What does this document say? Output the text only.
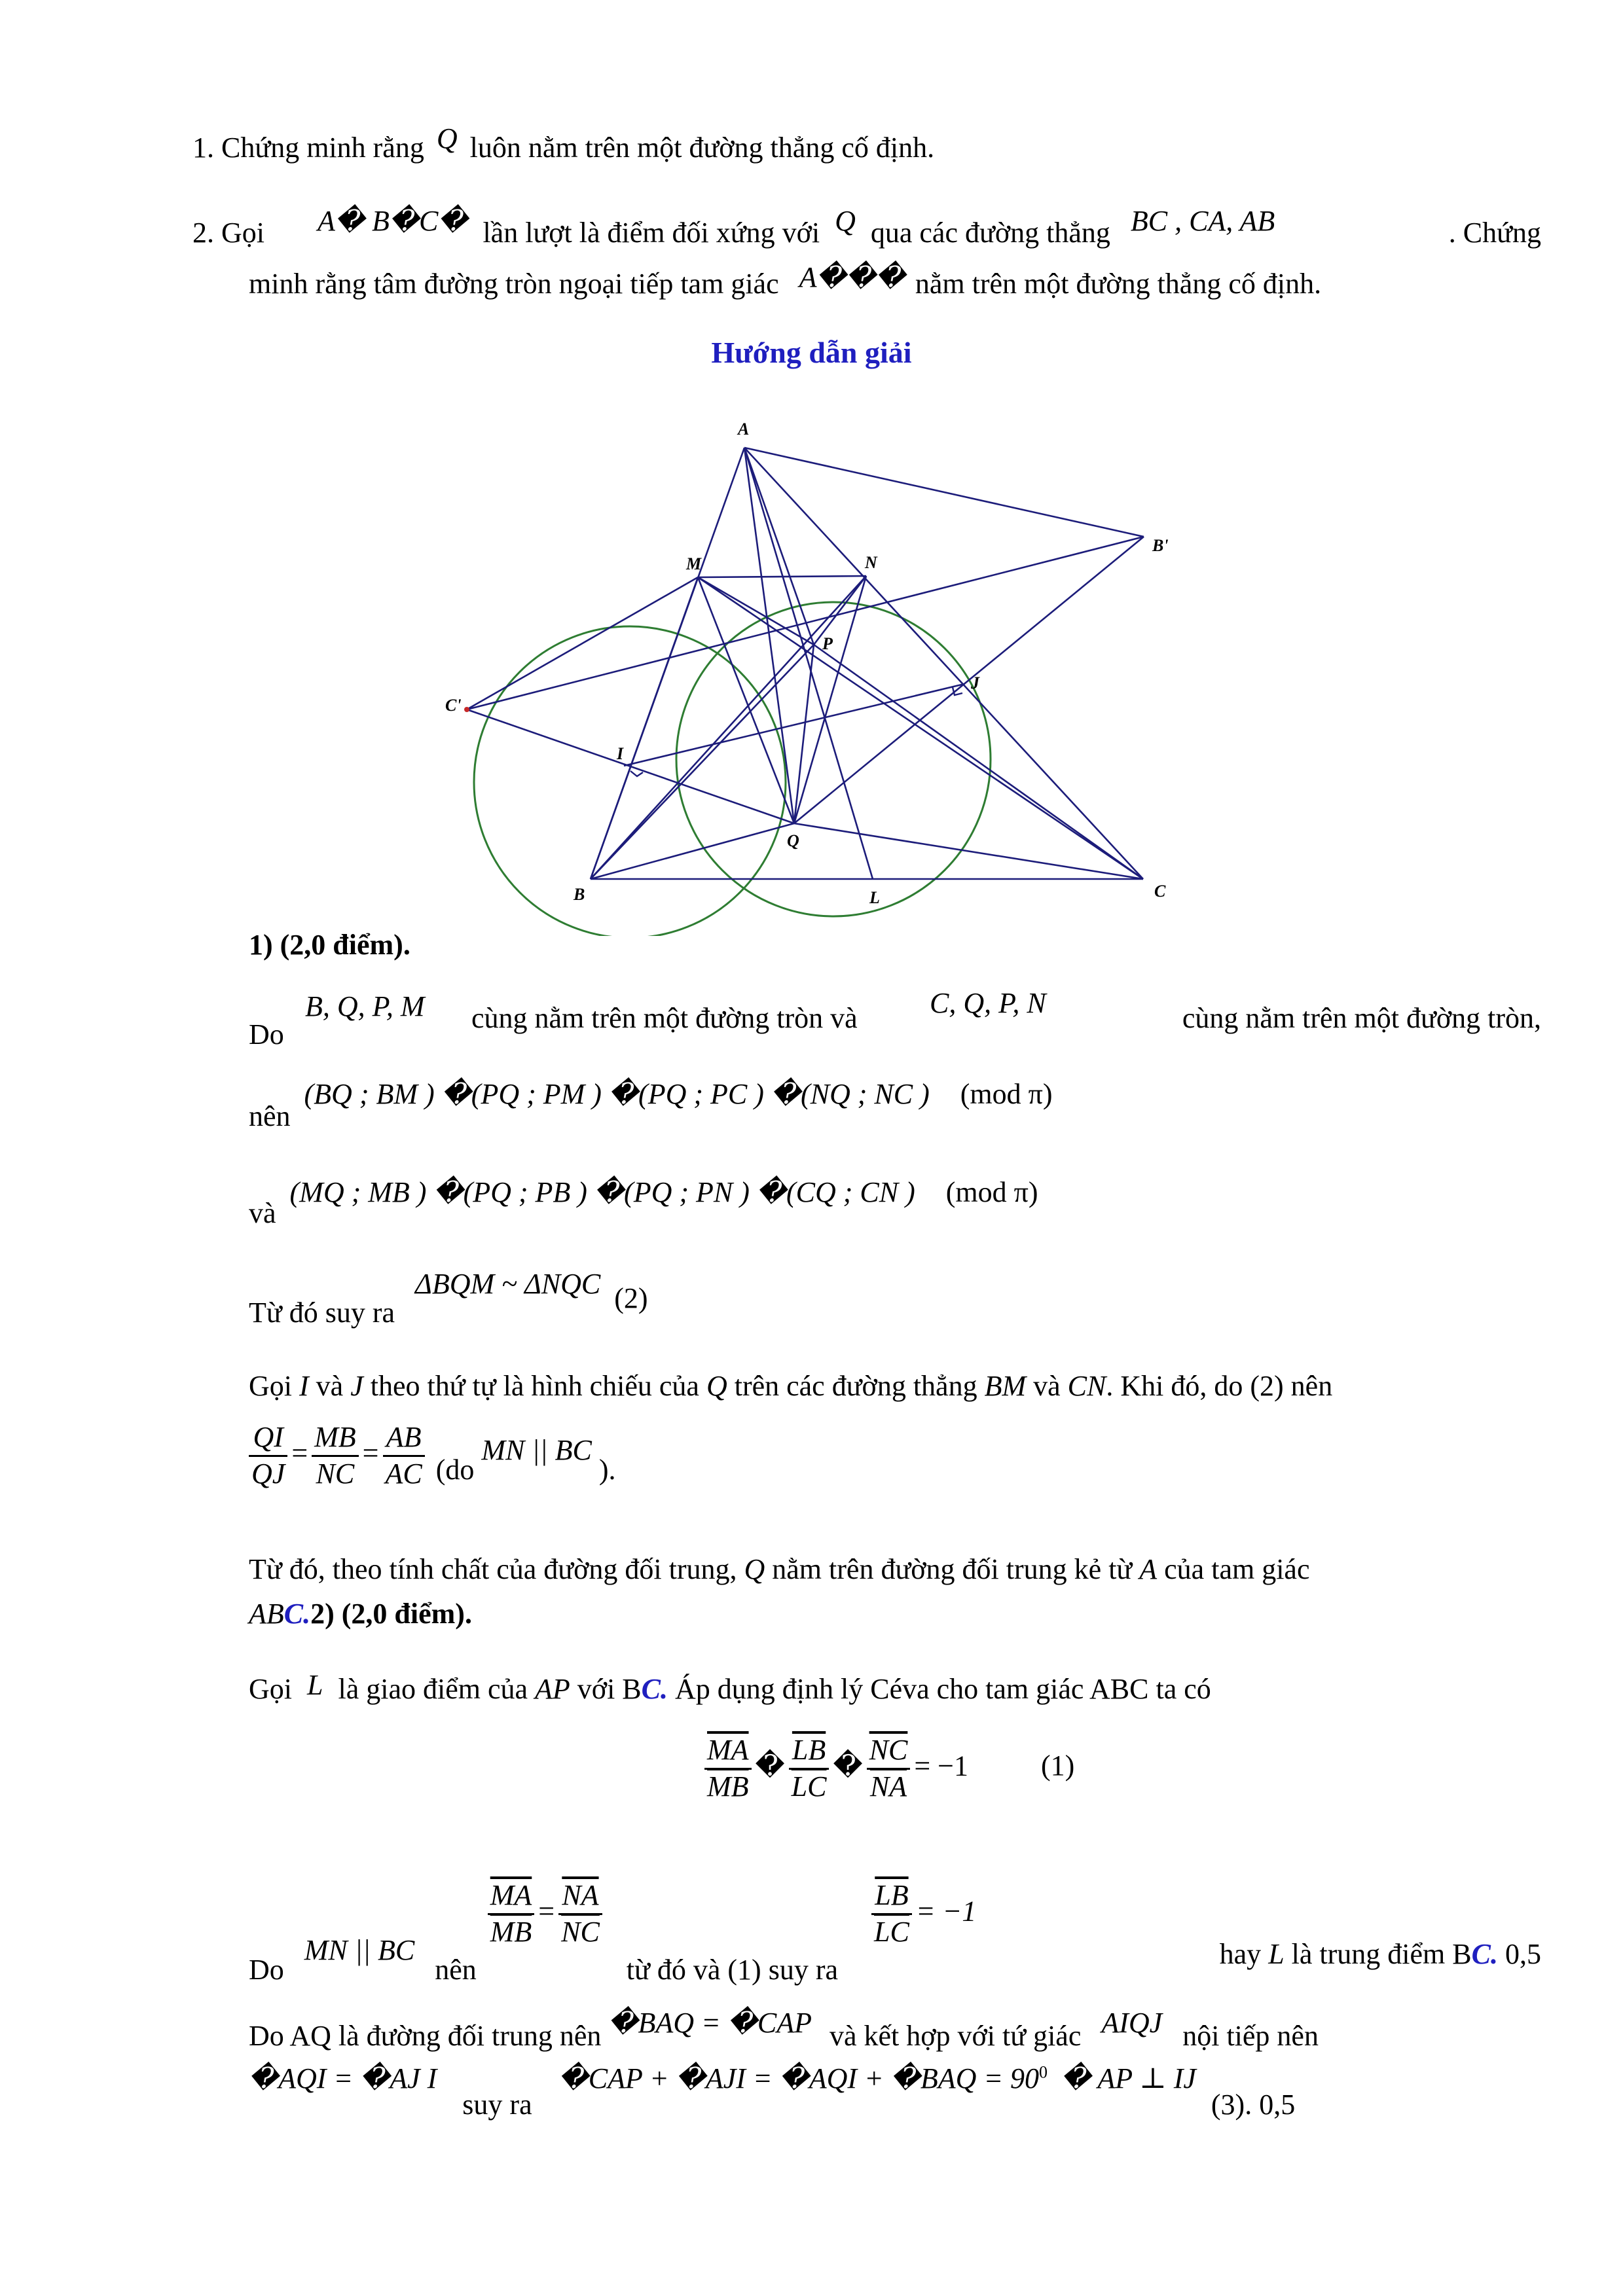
1. Chứng minh rằng Q luôn nằm trên một đường thẳng cố định.
2. Gọi A� B�C� lần lượt là điểm đối xứng với Q qua các đường thẳng BC , CA, AB	. Chứng
minh rằng tâm đường tròn ngoại tiếp tam giác A��� nằm trên một đường thẳng cố định.
Hướng dẫn giải
A
M	N
B'
P
C'
J
I
Q
B	L	C
1) (2,0 điểm).
B, Q, P, M
Do
cùng nằm trên một đường tròn và	C, Q, P, N	cùng nằm trên một đường tròn,
nên (BQ ; BM ) �(PQ ; PM ) �(PQ ; PC ) �(NQ ; NC ) (mod π)
và (MQ ; MB ) �(PQ ; PB ) �(PQ ; PN ) �(CQ ; CN ) (mod π)
Từ đó suy ra ΔBQM ~ ΔNQC (2)
Gọi I và J theo thứ tự là hình chiếu của Q trên các đường thẳng BM và CN. Khi đó, do (2) nên
$\frac{QI}{QJ} = \frac{MB}{NC} = \frac{AB}{AC} (do$ MN || BC ).
Từ đó, theo tính chất của đường đối trung, Q nằm trên đường đối trung kẻ từ A của tam giác
ABC.2) (2,0 điểm).
Gọi L là giao điểm của AP với BC. Áp dụng định lý Céva cho tam giác ABC ta có
$\frac{\overline{MA}}{MB}$ � $\frac{\overline{LB}}{LC}$ � $\frac{\overline{NC}}{NA} = -1$	(1)
Do MN || BC nên
$\frac{\overline{MA}}{MB} = \frac{\overline{NA}}{NC}$
từ đó và (1) suy ra
$\frac{\overline{LB}}{LC} = -1$
hay L là trung điểm BC. 0,5
Do AQ là đường đối trung nên �BAQ = �CAP và kết hợp với tứ giác AIQJ nội tiếp nên
�AQI = �AJ I suy ra �CAP + �AJI = �AQI + �BAQ = $90^0$ � AP ⊥ IJ (3). 0,5
